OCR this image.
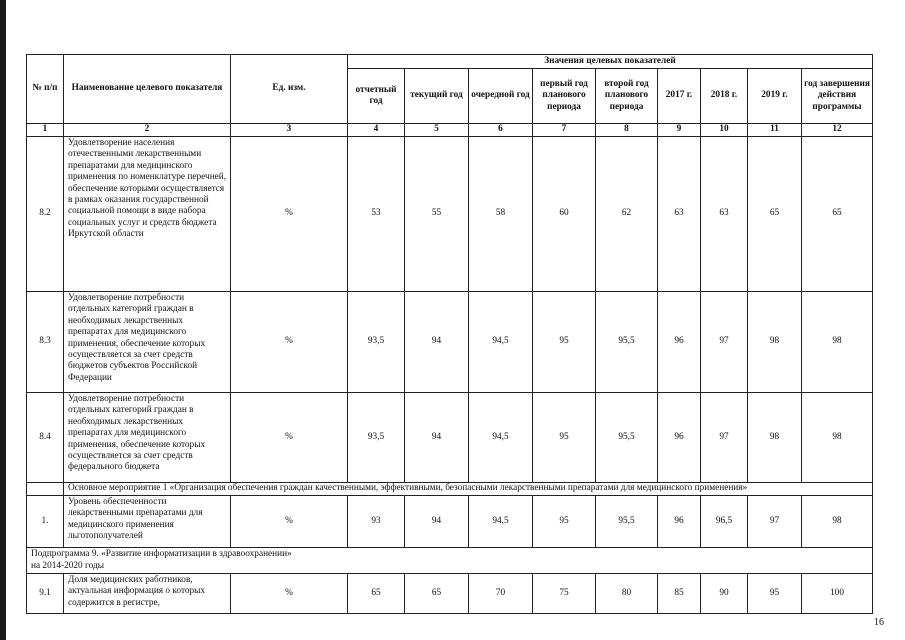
№ п/п	Наименование целевого показателя	Ед. изм.	Значения целевых показателей								
			отчетный год	текущий год	очередной год	первый год планового периода	второй год планового периода	2017 г.	2018 г.	2019 г.	год завершения действия программы
1	2	3	4	5	6	7	8	9	10	11	12
8.2	Удовлетворение населения отечественными лекарственными препаратами для медицинского применения по номенклатуре перечней, обеспечение которыми осуществляется в рамках оказания государственной социальной помощи в виде набора социальных услуг и средств бюджета Иркутской области	%	53	55	58	60	62	63	63	65	65
8.3	Удовлетворение потребности отдельных категорий граждан в необходимых лекарственных препаратах для медицинского применения, обеспечение которых осуществляется за счет средств бюджетов субъектов Российской Федерации	%	93,5	94	94,5	95	95,5	96	97	98	98
8.4	Удовлетворение потребности отдельных категорий граждан в необходимых лекарственных препаратах для медицинского применения, обеспечение которых осуществляется за счет средств федерального бюджета	%	93,5	94	94,5	95	95,5	96	97	98	98
	Основное мероприятие 1 «Организация обеспечения граждан качественными, эффективными, безопасными лекарственными препаратами для медицинского применения»										
1.	Уровень обеспеченности лекарственными препаратами для медицинского применения льготополучателей	%	93	94	94,5	95	95,5	96	96,5	97	98

Подпрограмма 9. «Развитие информатизации в здравоохранении»
на 2014-2020 годы											

9.1	Доля медицинских работников, актуальная информация о которых содержится в регистре,	%	65	65	70	75	80	85	90	95	100
16
